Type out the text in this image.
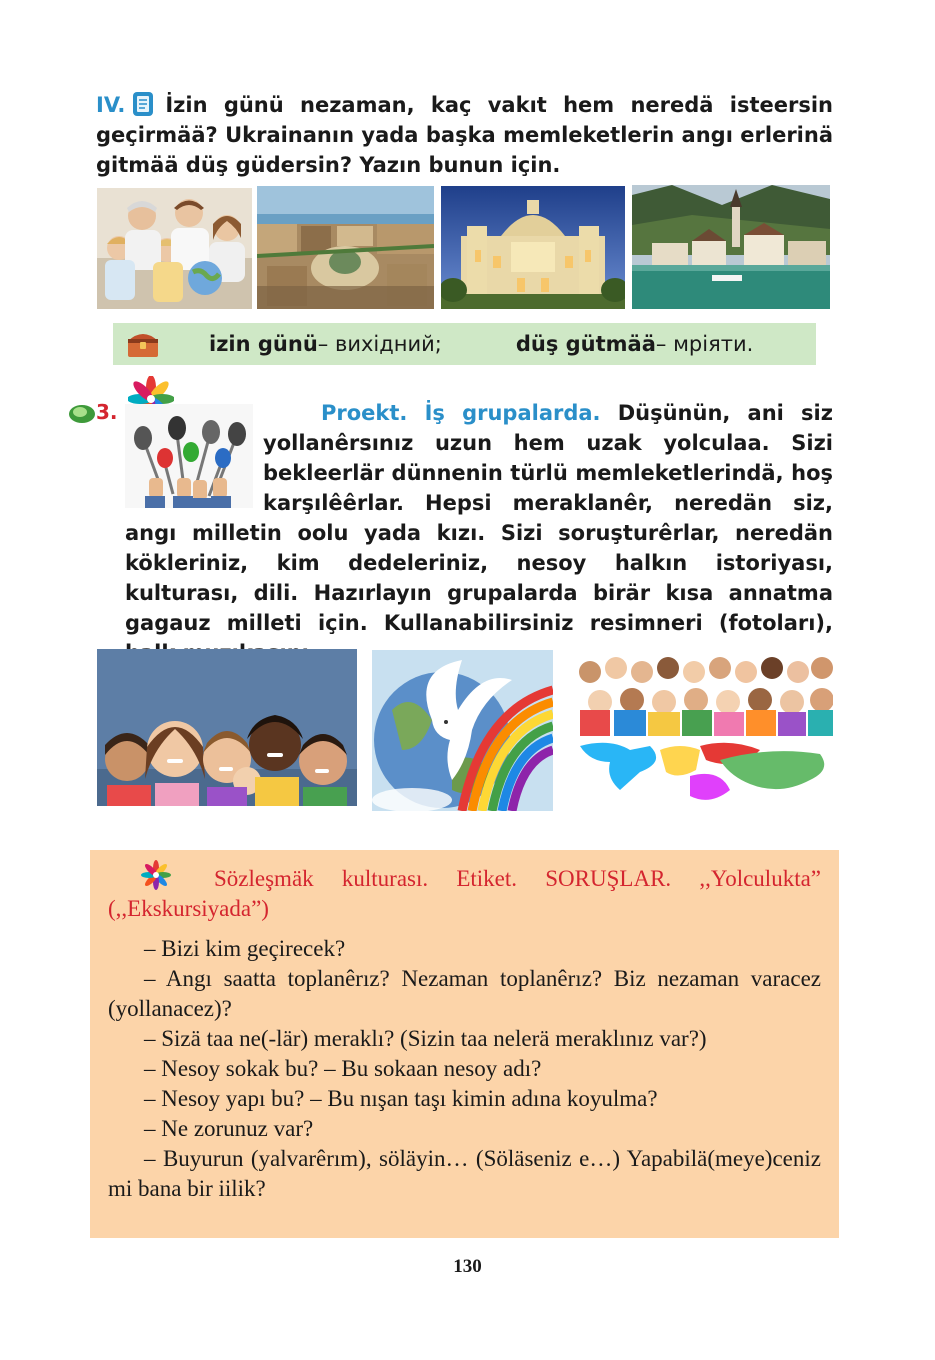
IV. İzin günü nezaman, kaç vakıt hem neredä isteersin geçirmää? Ukrainanın yada başka memleketlerin angı erlerinä gitmää düş güdersin? Yazın bunun için.
izin günü – вихідний;	düş gütmää – мріяти.
3.	Proekt. İş grupalarda.
Düşünün, ani siz yollanêrsınız uzun hem uzak yolculaa. Sizi bekleerlär dünnenin türlü memleketlerindä, hoş karşılêêrlar. Hepsi meraklanêr, neredän siz, angı milletin oolu yada kızı. Sizi soruşturêrlar, neredän kökleriniz, kim dedeleriniz, nesoy halkın istoriyası, kulturası, dili. Hazırlayın grupalarda birär kısa annatma gagauz milleti için. Kullanabilirsiniz resimneri (fotoları),
Sözleşmäk kulturası. Etiket. SORUŞLAR. ,,Yolculukta” (,,Ekskursiyada”)
– Bizi kim geçirecek?
– Angı saatta toplanêrız? Nezaman toplanêrız? Biz nezaman varacez (yollanacez)?
– Sizä taa ne(-lär) meraklı? (Sizin taa nelerä meraklınız var?)
– Nesoy sokak bu? – Bu sokaan nesoy adı?
– Nesoy yapı bu? – Bu nışan taşı kimin adına koyulma?
– Ne zorunuz var?
– Buyurun (yalvarêrım), söläyin… (Söläseniz e…) Yapabilä(meye)ceniz mi bana bir iilik?
130
